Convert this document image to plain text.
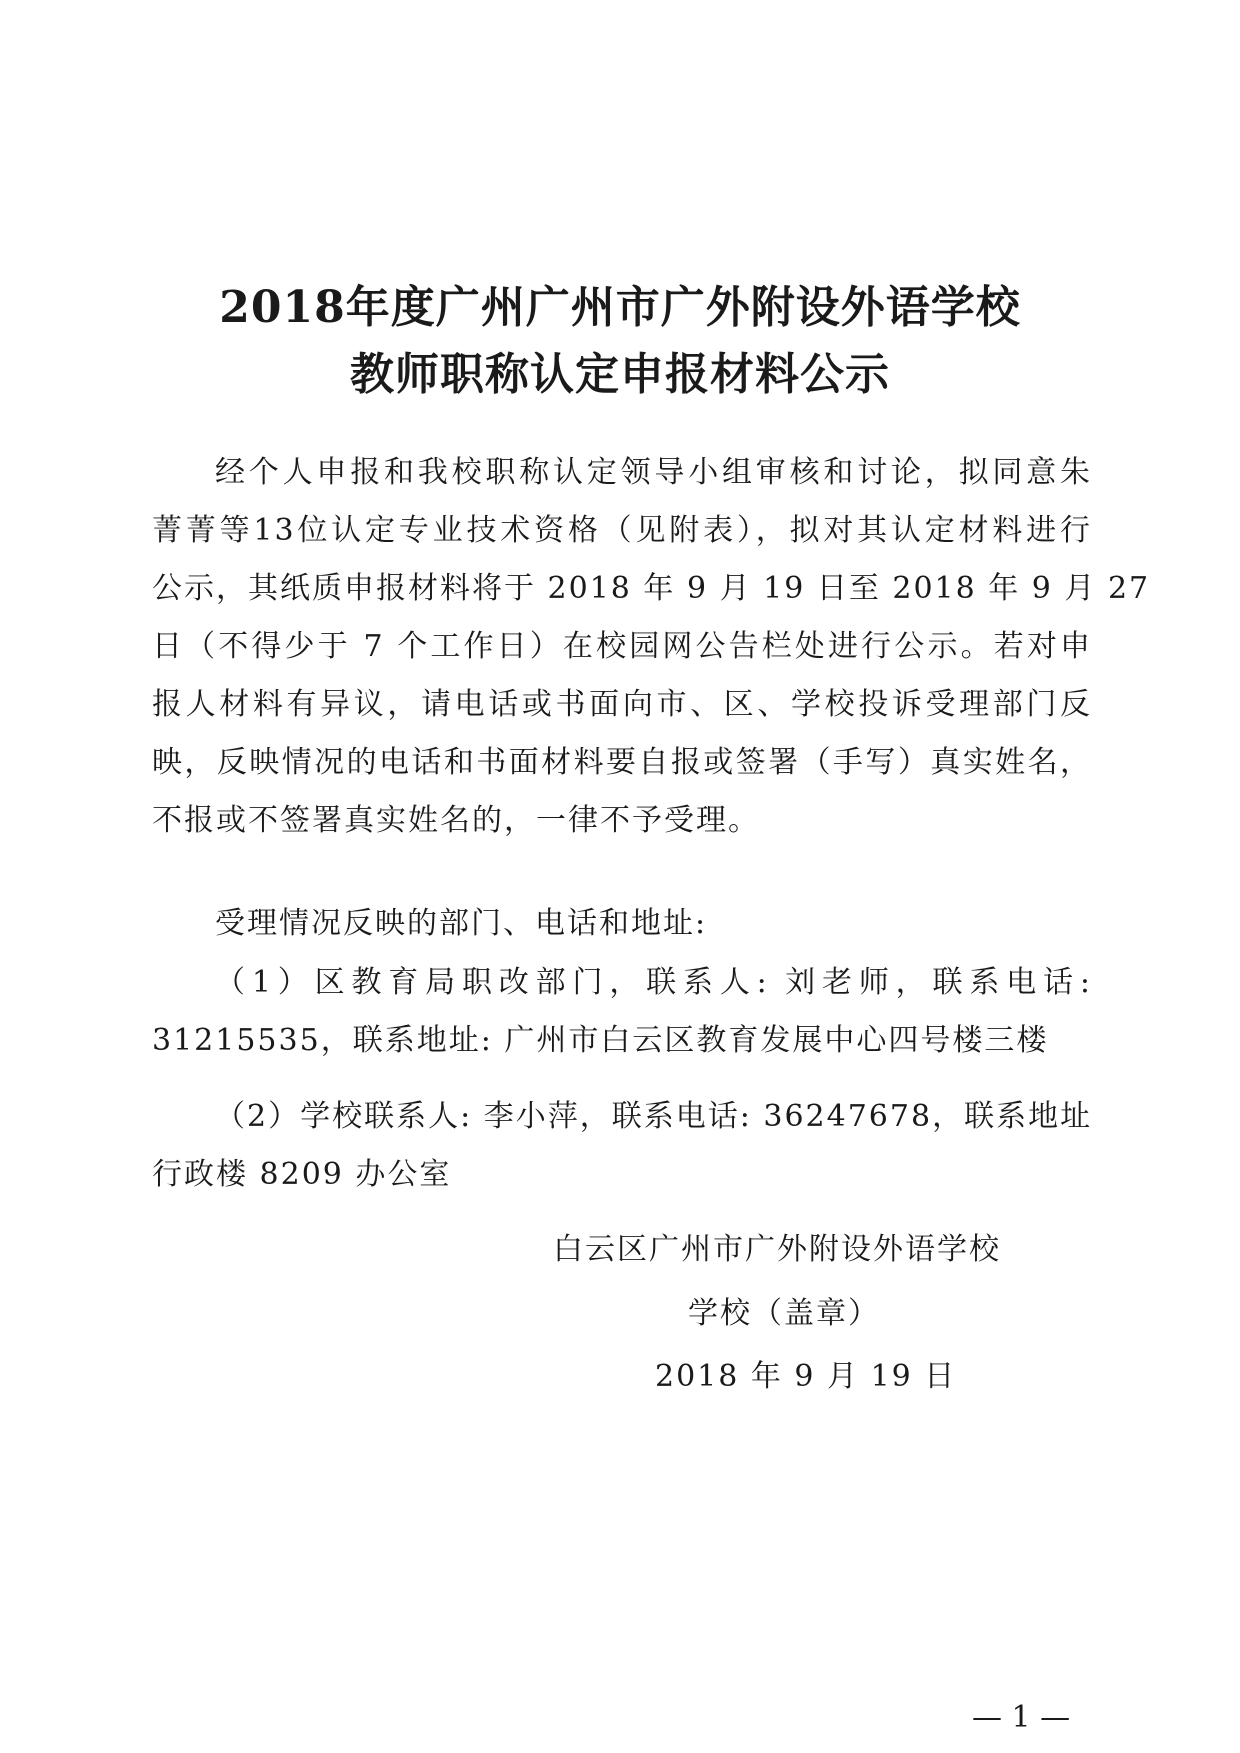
2018年度广州广州市广外附设外语学校
教师职称认定申报材料公示
经个人申报和我校职称认定领导小组审核和讨论，拟同意朱
菁菁等13位认定专业技术资格（见附表），拟对其认定材料进行
公示，其纸质申报材料将于 2018 年 9 月 19 日至 2018 年 9 月 27
日（不得少于 7 个工作日）在校园网公告栏处进行公示。若对申
报人材料有异议，请电话或书面向市、区、学校投诉受理部门反
映，反映情况的电话和书面材料要自报或签署（手写）真实姓名，
不报或不签署真实姓名的，一律不予受理。
受理情况反映的部门、电话和地址:
（1）区教育局职改部门，联系人: 刘老师，联系电话:
31215535，联系地址: 广州市白云区教育发展中心四号楼三楼
（2）学校联系人: 李小萍，联系电话: 36247678，联系地址
行政楼 8209 办公室
白云区广州市广外附设外语学校
学校（盖章）
2018 年 9 月 19 日
— 1 —
